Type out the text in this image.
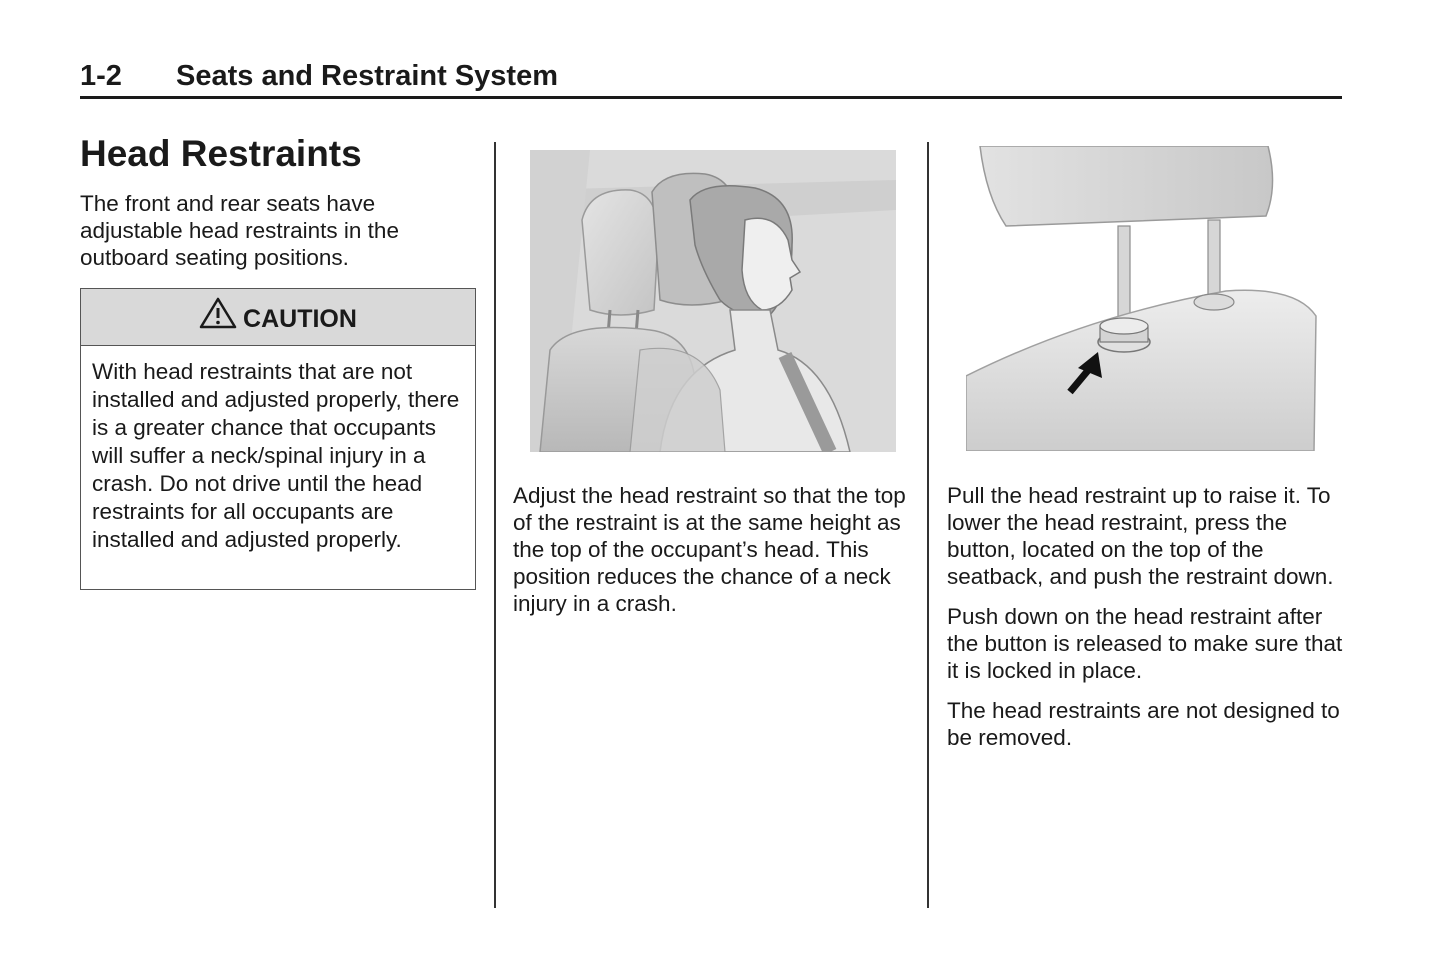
1-2 Seats and Restraint System
Head Restraints

The front and rear seats have adjustable head restraints in the outboard seating positions.

CAUTION
With head restraints that are not installed and adjusted properly, there is a greater chance that occupants will suffer a neck/spinal injury in a crash. Do not drive until the head restraints for all occupants are installed and adjusted properly.

Adjust the head restraint so that the top of the restraint is at the same height as the top of the occupant’s head. This position reduces the chance of a neck injury in a crash.

Pull the head restraint up to raise it. To lower the head restraint, press the button, located on the top of the seatback, and push the restraint down.

Push down on the head restraint after the button is released to make sure that it is locked in place.

The head restraints are not designed to be removed.
